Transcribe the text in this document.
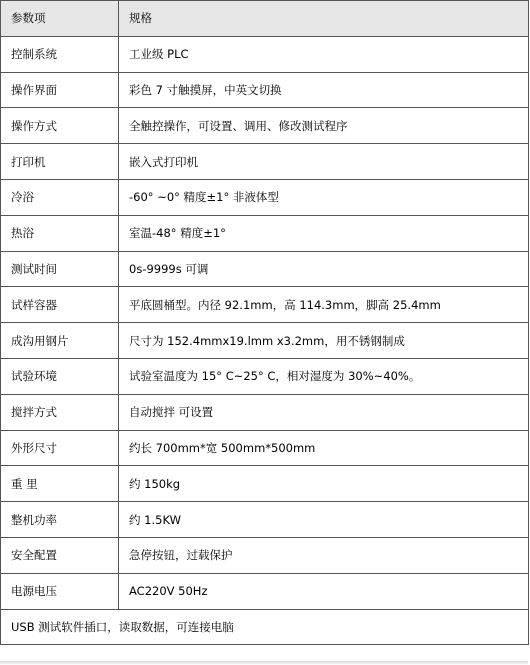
参数项	规格
控制系统	工业级 PLC
操作界面	彩色 7 寸触摸屏，中英文切换
操作方式	全触控操作，可设置、调用、修改测试程序
打印机	嵌入式打印机
冷浴	-60° ~0° 精度±1° 非液体型
热浴	室温-48° 精度±1°
测试时间	0s-9999s 可调
试样容器	平底圆桶型。内径 92.1mm，高 114.3mm，脚高 25.4mm
成沟用钢片	尺寸为 152.4mmx19.lmm x3.2mm，用不锈钢制成
试验环境	试验室温度为 15° C~25° C，相对湿度为 30%~40%。
搅拌方式	自动搅拌 可设置
外形尺寸	约长 700mm*宽 500mm*500mm
重 里	约 150kg
整机功率	约 1.5KW
安全配置	急停按钮，过载保护
电源电压	AC220V 50Hz
USB 测试软件插口，读取数据，可连接电脑	
